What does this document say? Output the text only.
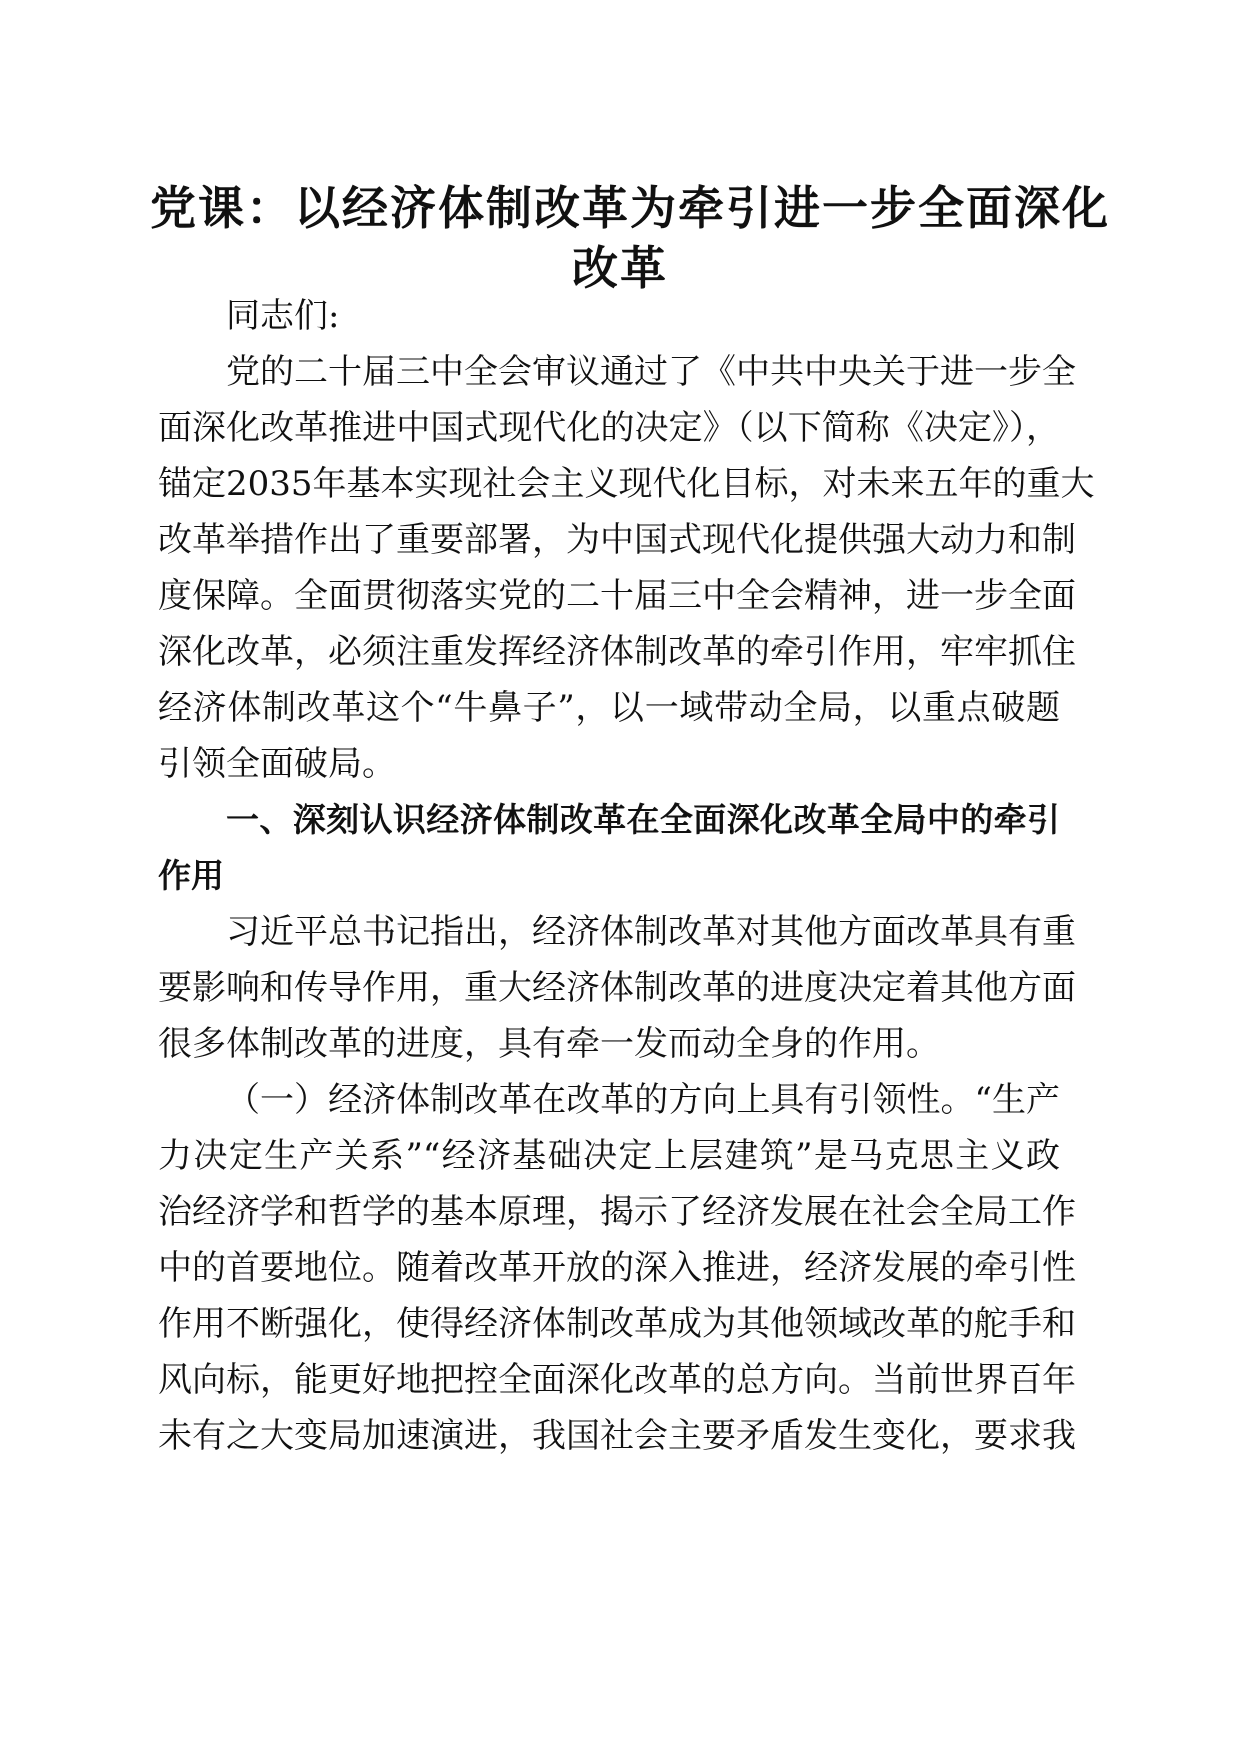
党课：以经济体制改革为牵引进一步全面深化
改革

同志们:

党的二十届三中全会审议通过了《中共中央关于进一步全

面深化改革推进中国式现代化的决定》（以下简称《决定》），

锚定2035年基本实现社会主义现代化目标，对未来五年的重大

改革举措作出了重要部署，为中国式现代化提供强大动力和制

度保障。全面贯彻落实党的二十届三中全会精神，进一步全面

深化改革，必须注重发挥经济体制改革的牵引作用，牢牢抓住

经济体制改革这个“牛鼻子”，以一域带动全局，以重点破题

引领全面破局。

一、深刻认识经济体制改革在全面深化改革全局中的牵引
作用

习近平总书记指出，经济体制改革对其他方面改革具有重

要影响和传导作用，重大经济体制改革的进度决定着其他方面

很多体制改革的进度，具有牵一发而动全身的作用。

（一）经济体制改革在改革的方向上具有引领性。“生产

力决定生产关系”“经济基础决定上层建筑”是马克思主义政

治经济学和哲学的基本原理，揭示了经济发展在社会全局工作

中的首要地位。随着改革开放的深入推进，经济发展的牵引性

作用不断强化，使得经济体制改革成为其他领域改革的舵手和

风向标，能更好地把控全面深化改革的总方向。当前世界百年

未有之大变局加速演进，我国社会主要矛盾发生变化，要求我
